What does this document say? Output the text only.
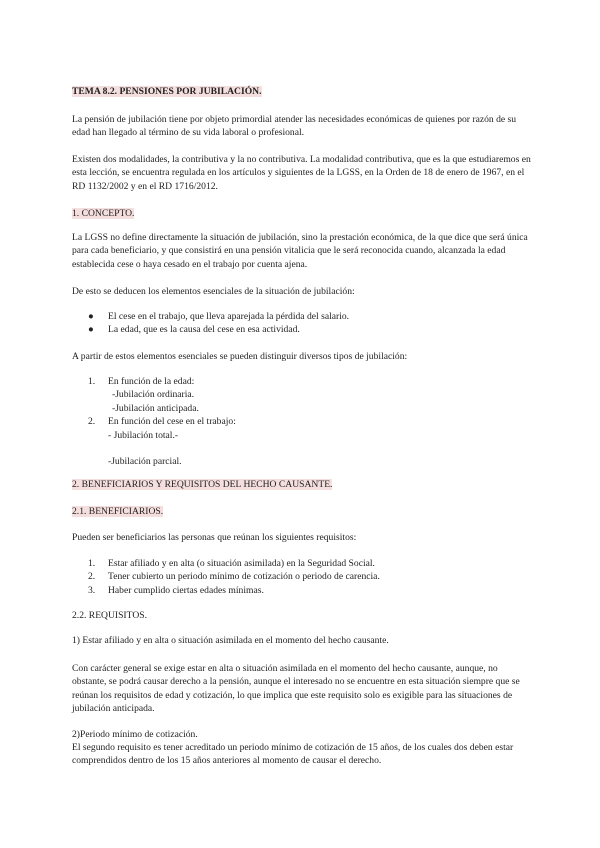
TEMA 8.2. PENSIONES POR JUBILACIÓN.

La pensión de jubilación tiene por objeto primordial atender las necesidades económicas de quienes por razón de su edad han llegado al término de su vida laboral o profesional.

Existen dos modalidades, la contributiva y la no contributiva. La modalidad contributiva, que es la que estudiaremos en esta lección, se encuentra regulada en los artículos y siguientes de la LGSS, en la Orden de 18 de enero de 1967, en el RD 1132/2002 y en el RD 1716/2012.

1. CONCEPTO.

La LGSS no define directamente la situación de jubilación, sino la prestación económica, de la que dice que será única para cada beneficiario, y que consistirá en una pensión vitalicia que le será reconocida cuando, alcanzada la edad establecida cese o haya cesado en el trabajo por cuenta ajena.

De esto se deducen los elementos esenciales de la situación de jubilación:

● El cese en el trabajo, que lleva aparejada la pérdida del salario.
● La edad, que es la causa del cese en esa actividad.

A partir de estos elementos esenciales se pueden distinguir diversos tipos de jubilación:

1. En función de la edad:
-Jubilación ordinaria.
-Jubilación anticipada.
2. En función del cese en el trabajo:
- Jubilación total.-
-Jubilación parcial.

2. BENEFICIARIOS Y REQUISITOS DEL HECHO CAUSANTE.

2.1. BENEFICIARIOS.

Pueden ser beneficiarios las personas que reúnan los siguientes requisitos:

1. Estar afiliado y en alta (o situación asimilada) en la Seguridad Social.
2. Tener cubierto un periodo mínimo de cotización o periodo de carencia.
3. Haber cumplido ciertas edades mínimas.

2.2. REQUISITOS.

1) Estar afiliado y en alta o situación asimilada en el momento del hecho causante.

Con carácter general se exige estar en alta o situación asimilada en el momento del hecho causante, aunque, no obstante, se podrá causar derecho a la pensión, aunque el interesado no se encuentre en esta situación siempre que se reúnan los requisitos de edad y cotización, lo que implica que este requisito solo es exigible para las situaciones de jubilación anticipada.

2)Periodo mínimo de cotización.

El segundo requisito es tener acreditado un periodo mínimo de cotización de 15 años, de los cuales dos deben estar comprendidos dentro de los 15 años anteriores al momento de causar el derecho.
